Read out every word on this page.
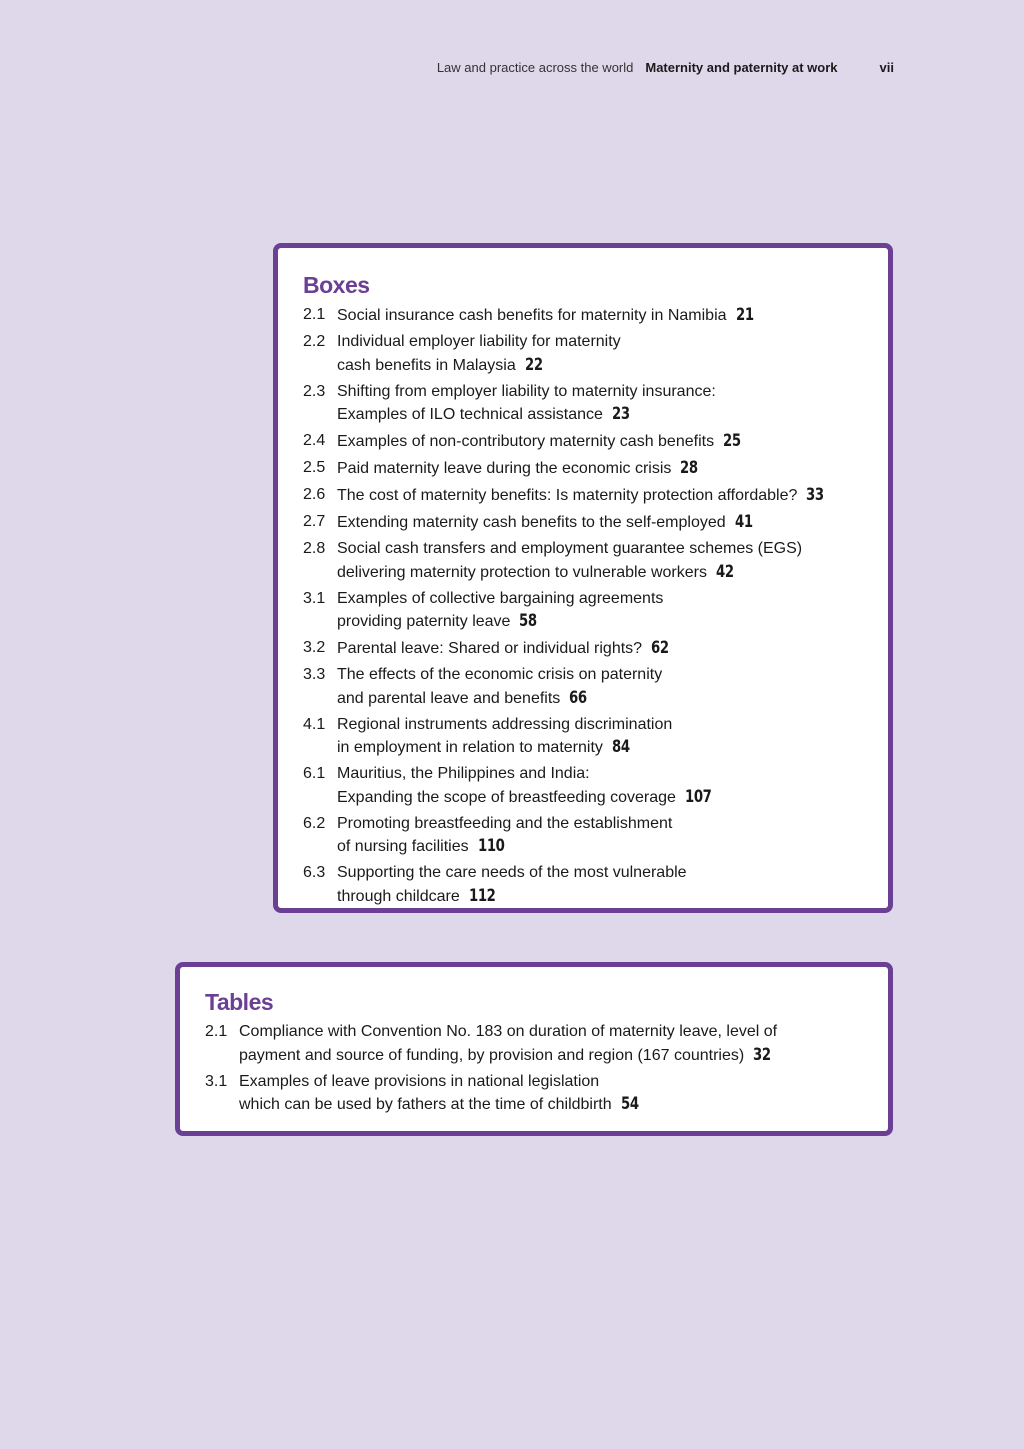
Law and practice across the world Maternity and paternity at work	vii
Boxes
2.1 Social insurance cash benefits for maternity in Namibia 21
2.2 Individual employer liability for maternity
cash benefits in Malaysia 22
2.3 Shifting from employer liability to maternity insurance:
Examples of ILO technical assistance 23
2.4 Examples of non-contributory maternity cash benefits 25
2.5 Paid maternity leave during the economic crisis 28
2.6 The cost of maternity benefits: Is maternity protection affordable? 33
2.7 Extending maternity cash benefits to the self-employed 41
2.8 Social cash transfers and employment guarantee schemes (EGS)
delivering maternity protection to vulnerable workers 42
3.1 Examples of collective bargaining agreements
providing paternity leave 58
3.2 Parental leave: Shared or individual rights? 62
3.3 The effects of the economic crisis on paternity
and parental leave and benefits 66
4.1 Regional instruments addressing discrimination
in employment in relation to maternity 84
6.1 Mauritius, the Philippines and India:
Expanding the scope of breastfeeding coverage 107
6.2 Promoting breastfeeding and the establishment
of nursing facilities 110
6.3 Supporting the care needs of the most vulnerable
through childcare 112
Tables
2.1 Compliance with Convention No. 183 on duration of maternity leave, level of
payment and source of funding, by provision and region (167 countries) 32
3.1 Examples of leave provisions in national legislation
which can be used by fathers at the time of childbirth 54
